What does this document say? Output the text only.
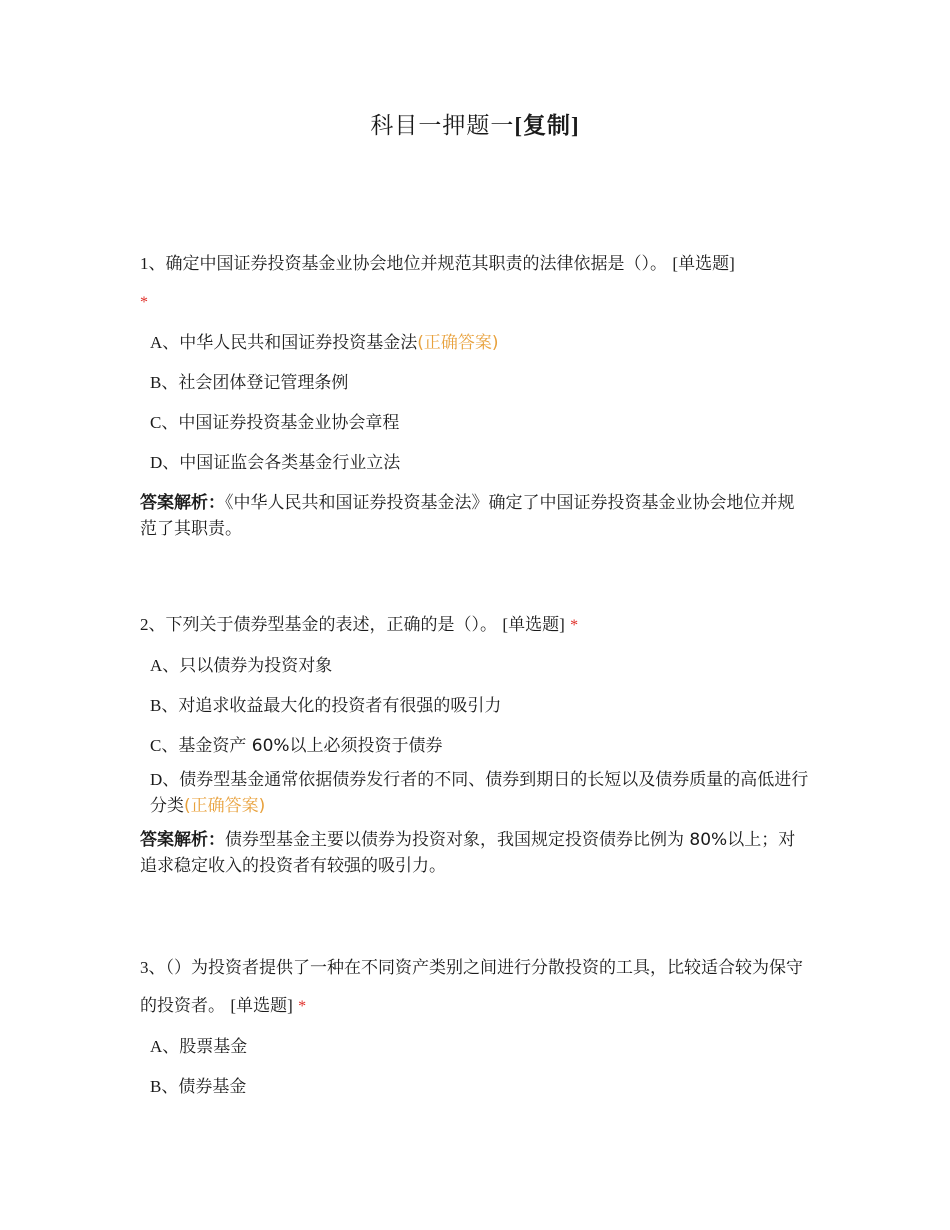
科目一押题一[复制]

1、确定中国证券投资基金业协会地位并规范其职责的法律依据是（）。 [单选题]
*

A、中华人民共和国证券投资基金法(正确答案)
B、社会团体登记管理条例
C、中国证券投资基金业协会章程
D、中国证监会各类基金行业立法

答案解析：《中华人民共和国证券投资基金法》确定了中国证券投资基金业协会地位并规范了其职责。

2、下列关于债券型基金的表述，正确的是（）。 [单选题] *

A、只以债券为投资对象
B、对追求收益最大化的投资者有很强的吸引力
C、基金资产 60%以上必须投资于债券
D、债券型基金通常依据债券发行者的不同、债券到期日的长短以及债券质量的高低进行分类(正确答案)

答案解析：债券型基金主要以债券为投资对象，我国规定投资债券比例为 80%以上；对追求稳定收入的投资者有较强的吸引力。

3、（）为投资者提供了一种在不同资产类别之间进行分散投资的工具，比较适合较为保守的投资者。 [单选题] *

A、股票基金
B、债券基金
